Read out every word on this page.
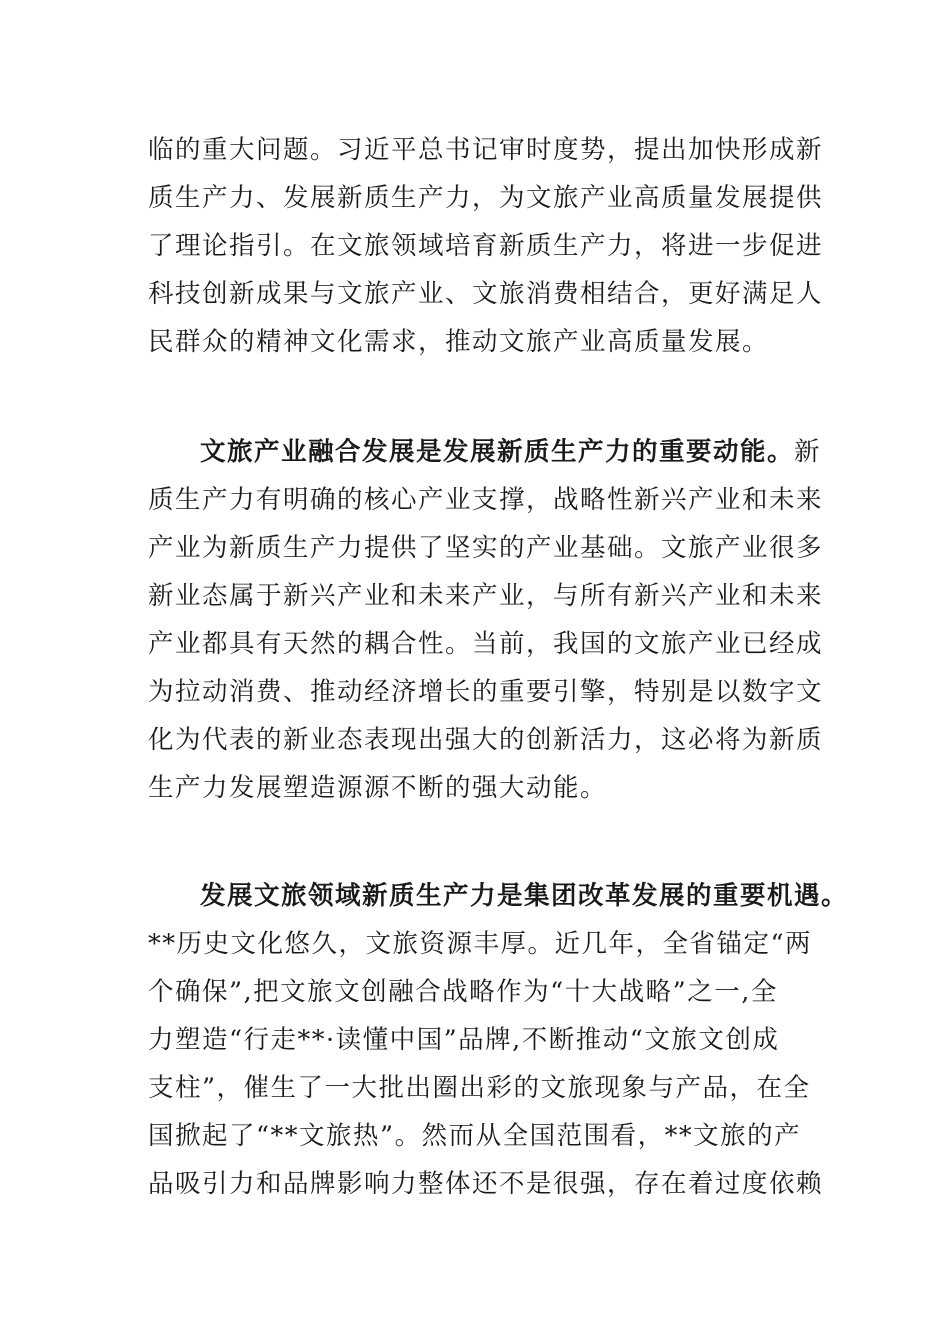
临的重大问题。习近平总书记审时度势，提出加快形成新
质生产力、发展新质生产力，为文旅产业高质量发展提供
了理论指引。在文旅领域培育新质生产力，将进一步促进
科技创新成果与文旅产业、文旅消费相结合，更好满足人
民群众的精神文化需求，推动文旅产业高质量发展。
文旅产业融合发展是发展新质生产力的重要动能。新
质生产力有明确的核心产业支撑，战略性新兴产业和未来
产业为新质生产力提供了坚实的产业基础。文旅产业很多
新业态属于新兴产业和未来产业，与所有新兴产业和未来
产业都具有天然的耦合性。当前，我国的文旅产业已经成
为拉动消费、推动经济增长的重要引擎，特别是以数字文
化为代表的新业态表现出强大的创新活力，这必将为新质
生产力发展塑造源源不断的强大动能。
发展文旅领域新质生产力是集团改革发展的重要机遇。
**历史文化悠久，文旅资源丰厚。近几年，全省锚定“两
个确保”,把文旅文创融合战略作为“十大战略”之一,全
力塑造“行走**·读懂中国”品牌,不断推动“文旅文创成
支柱”，催生了一大批出圈出彩的文旅现象与产品，在全
国掀起了“**文旅热”。然而从全国范围看，**文旅的产
品吸引力和品牌影响力整体还不是很强，存在着过度依赖
